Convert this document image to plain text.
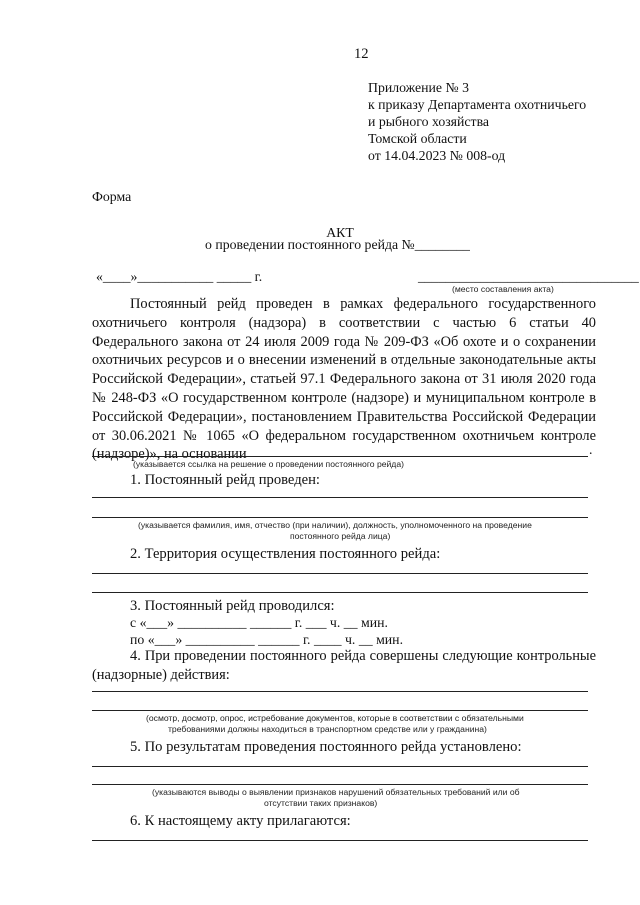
12
Приложение № 3
к приказу Департамента охотничьего
и рыбного хозяйства
Томской области
от 14.04.2023 № 008-од
Форма
АКТ
о проведении постоянного рейда №________
«____»___________ _____ г.	________________________________
(место составления акта)
Постоянный рейд проведен в рамках федерального государственного охотничьего контроля (надзора) в соответствии с частью 6 статьи 40 Федерального закона от 24 июля 2009 года № 209-ФЗ «Об охоте и о сохранении охотничьих ресурсов и о внесении изменений в отдельные законодательные акты Российской Федерации», статьей 97.1 Федерального закона от 31 июля 2020 года № 248-ФЗ «О государственном контроле (надзоре) и муниципальном контроле в Российской Федерации», постановлением Правительства Российской Федерации от 30.06.2021 № 1065 «О федеральном государственном охотничьем контроле (надзоре)», на основании	.
(указывается ссылка на решение о проведении постоянного рейда)
1. Постоянный рейд проведен:
(указывается фамилия, имя, отчество (при наличии), должность, уполномоченного на проведение
постоянного рейда лица)
2. Территория осуществления постоянного рейда:
3. Постоянный рейд проводился:
с «___» __________ ______ г. ___ ч. __ мин.
по «___» __________ ______ г. ____ ч. __ мин.
4. При проведении постоянного рейда совершены следующие контрольные (надзорные) действия:
(осмотр, досмотр, опрос, истребование документов, которые в соответствии с обязательными
требованиями должны находиться в транспортном средстве или у гражданина)
5. По результатам проведения постоянного рейда установлено:
(указываются выводы о выявлении признаков нарушений обязательных требований или об
отсутствии таких признаков)
6. К настоящему акту прилагаются:
